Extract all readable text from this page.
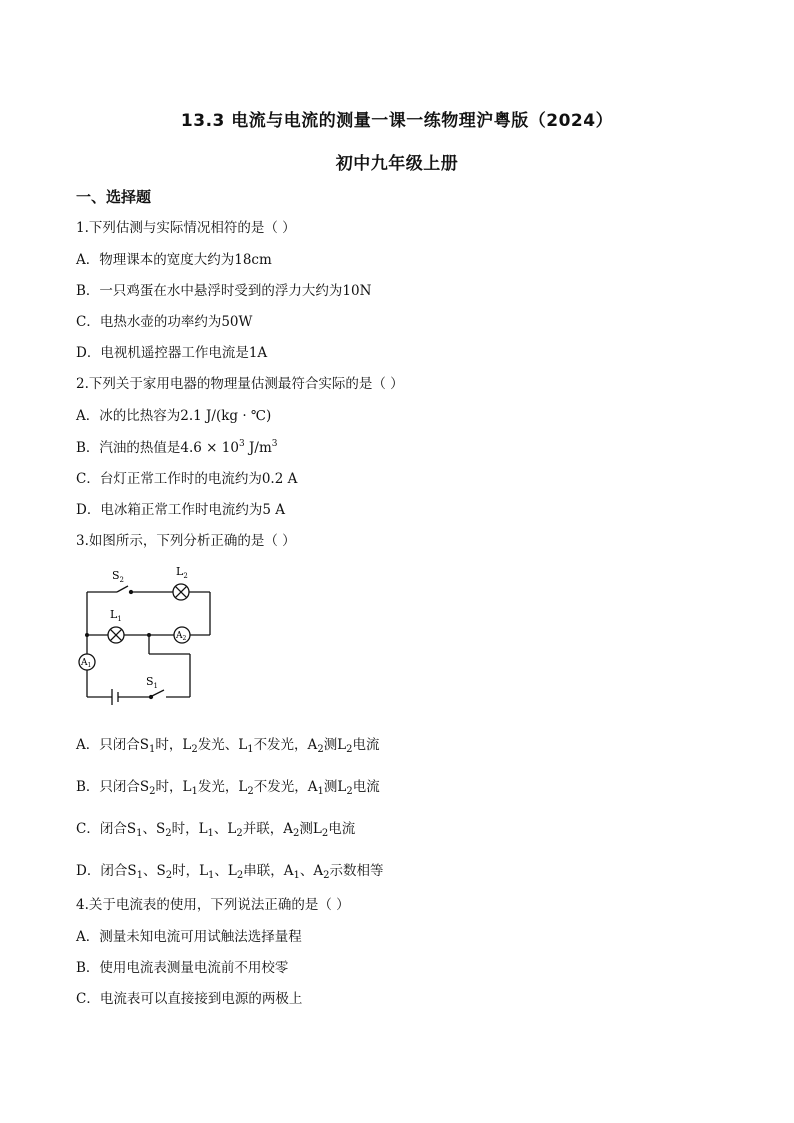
13.3 电流与电流的测量一课一练物理沪粤版（2024）
初中九年级上册
一、选择题
1.下列估测与实际情况相符的是（ ）
A．物理课本的宽度大约为18cm
B．一只鸡蛋在水中悬浮时受到的浮力大约为10N
C．电热水壶的功率约为50W
D．电视机遥控器工作电流是1A
2.下列关于家用电器的物理量估测最符合实际的是（ ）
A．冰的比热容为2.1 J/(kg · ℃)
B．汽油的热值是$4.6 \times 10^3$ $J/m^3$
C．台灯正常工作时的电流约为0.2 A
D．电冰箱正常工作时电流约为5 A
3.如图所示，下列分析正确的是（ ）
$S_2$
$L_2$
$L_1$
$A_2$
$A_1$
$S_1$
A．只闭合$S_1$时，$L_2$发光、$L_1$不发光，$A_2$测$L_2$电流
B．只闭合$S_2$时，$L_1$发光，$L_2$不发光，$A_1$测$L_2$电流
C．闭合$S_1$、$S_2$时，$L_1$、$L_2$并联，$A_2$测$L_2$电流
D．闭合$S_1$、$S_2$时，$L_1$、$L_2$串联，$A_1$、$A_2$示数相等
4.关于电流表的使用，下列说法正确的是（ ）
A．测量未知电流可用试触法选择量程
B．使用电流表测量电流前不用校零
C．电流表可以直接接到电源的两极上
